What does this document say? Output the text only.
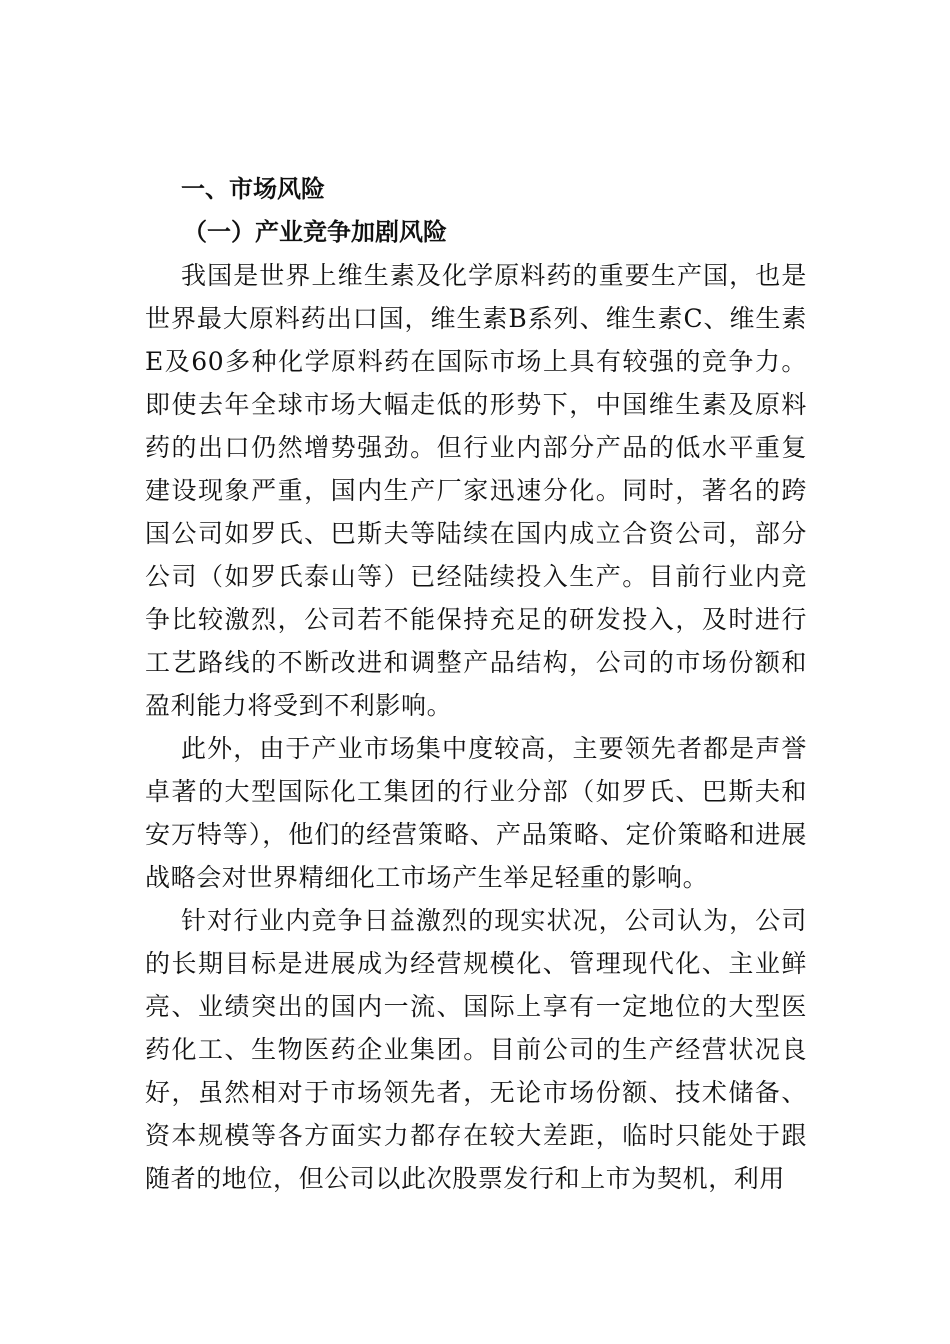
一、市场风险
（一）产业竞争加剧风险

我国是世界上维生素及化学原料药的重要生产国，也是世界最大原料药出口国，维生素B系列、维生素C、维生素E及60多种化学原料药在国际市场上具有较强的竞争力。即使去年全球市场大幅走低的形势下，中国维生素及原料药的出口仍然增势强劲。但行业内部分产品的低水平重复建设现象严重，国内生产厂家迅速分化。同时，著名的跨国公司如罗氏、巴斯夫等陆续在国内成立合资公司，部分公司（如罗氏泰山等）已经陆续投入生产。目前行业内竞争比较激烈，公司若不能保持充足的研发投入，及时进行工艺路线的不断改进和调整产品结构，公司的市场份额和盈利能力将受到不利影响。

此外，由于产业市场集中度较高，主要领先者都是声誉卓著的大型国际化工集团的行业分部（如罗氏、巴斯夫和安万特等），他们的经营策略、产品策略、定价策略和进展战略会对世界精细化工市场产生举足轻重的影响。

针对行业内竞争日益激烈的现实状况，公司认为，公司的长期目标是进展成为经营规模化、管理现代化、主业鲜亮、业绩突出的国内一流、国际上享有一定地位的大型医药化工、生物医药企业集团。目前公司的生产经营状况良好，虽然相对于市场领先者，无论市场份额、技术储备、资本规模等各方面实力都存在较大差距，临时只能处于跟随者的地位，但公司以此次股票发行和上市为契机，利用
